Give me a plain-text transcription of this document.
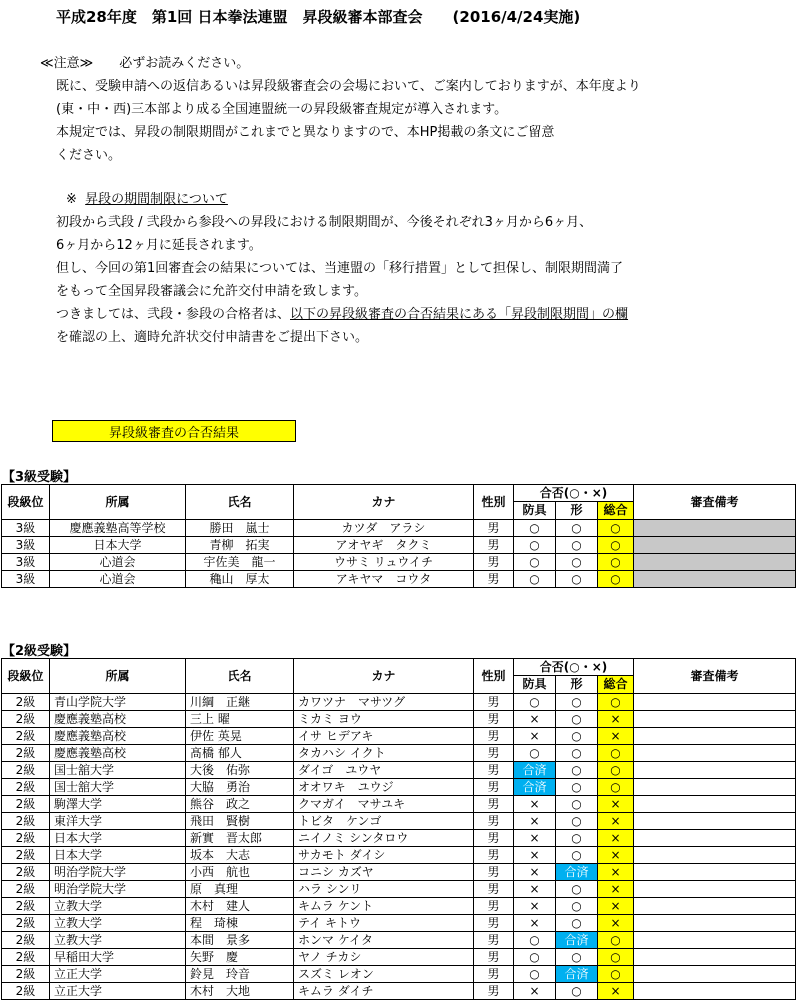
平成28年度　第1回 日本拳法連盟　昇段級審本部査会　　(2016/4/24実施)
≪注意≫　　必ずお読みください。
既に、受験申請への返信あるいは昇段級審査会の会場において、ご案内しておりますが、本年度より
(東・中・西)三本部より成る全国連盟統一の昇段級審査規定が導入されます。
本規定では、昇段の制限期間がこれまでと異なりますので、本HP掲載の条文にご留意
ください。
※ 昇段の期間制限について
初段から弐段 / 弐段から参段への昇段における制限期間が、今後それぞれ3ヶ月から6ヶ月、
6ヶ月から12ヶ月に延長されます。
但し、今回の第1回審査会の結果については、当連盟の「移行措置」として担保し、制限期間満了
をもって全国昇段審議会に允許交付申請を致します。
つきましては、弐段・参段の合格者は、以下の昇段級審査の合否結果にある「昇段制限期間」の欄
を確認の上、適時允許状交付申請書をご提出下さい。
昇段級審査の合否結果
【3級受験】
段級位	所属	氏名	カナ	性別	合否(○・×)			審査備考
					防具	形	総合	
3級	慶應義塾高等学校	勝田　嵐士	カツダ　アラシ	男	○	○	○	
3級	日本大学	青柳　拓実	アオヤギ　タクミ	男	○	○	○	
3級	心道会	宇佐美　龍一	ウサミ リュウイチ	男	○	○	○	
3級	心道会	穐山　厚太	アキヤマ　コウタ	男	○	○	○	
【2級受験】
段級位	所属	氏名	カナ	性別	合否(○・×)			審査備考
					防具	形	総合	
2級	青山学院大学	川綱　正継	カワツナ　マサツグ	男	○	○	○	
2級	慶應義塾高校	三上 曜	ミカミ ヨウ	男	×	○	×	
2級	慶應義塾高校	伊佐 英晃	イサ ヒデアキ	男	×	○	×	
2級	慶應義塾高校	髙橋 郁人	タカハシ イクト	男	○	○	○	
2級	国士舘大学	大後　佑弥	ダイゴ　ユウヤ	男	合済	○	○	
2級	国士舘大学	大脇　勇治	オオワキ　ユウジ	男	合済	○	○	
2級	駒澤大学	熊谷　政之	クマガイ　マサユキ	男	×	○	×	
2級	東洋大学	飛田　賢樹	トビタ　ケンゴ	男	×	○	×	
2級	日本大学	新實　晋太郎	ニイノミ シンタロウ	男	×	○	×	
2級	日本大学	坂本　大志	サカモト ダイシ	男	×	○	×	
2級	明治学院大学	小西　航也	コニシ カズヤ	男	×	合済	×	
2級	明治学院大学	原　真理	ハラ シンリ	男	×	○	×	
2級	立教大学	木村　建人	キムラ ケント	男	×	○	×	
2級	立教大学	程　琦棟	テイ キトウ	男	×	○	×	
2級	立教大学	本間　景多	ホンマ ケイタ	男	○	合済	○	
2級	早稲田大学	矢野　慶	ヤノ チカシ	男	○	○	○	
2級	立正大学	鈴見　玲音	スズミ レオン	男	○	合済	○	
2級	立正大学	木村　大地	キムラ ダイチ	男	×	○	×	
